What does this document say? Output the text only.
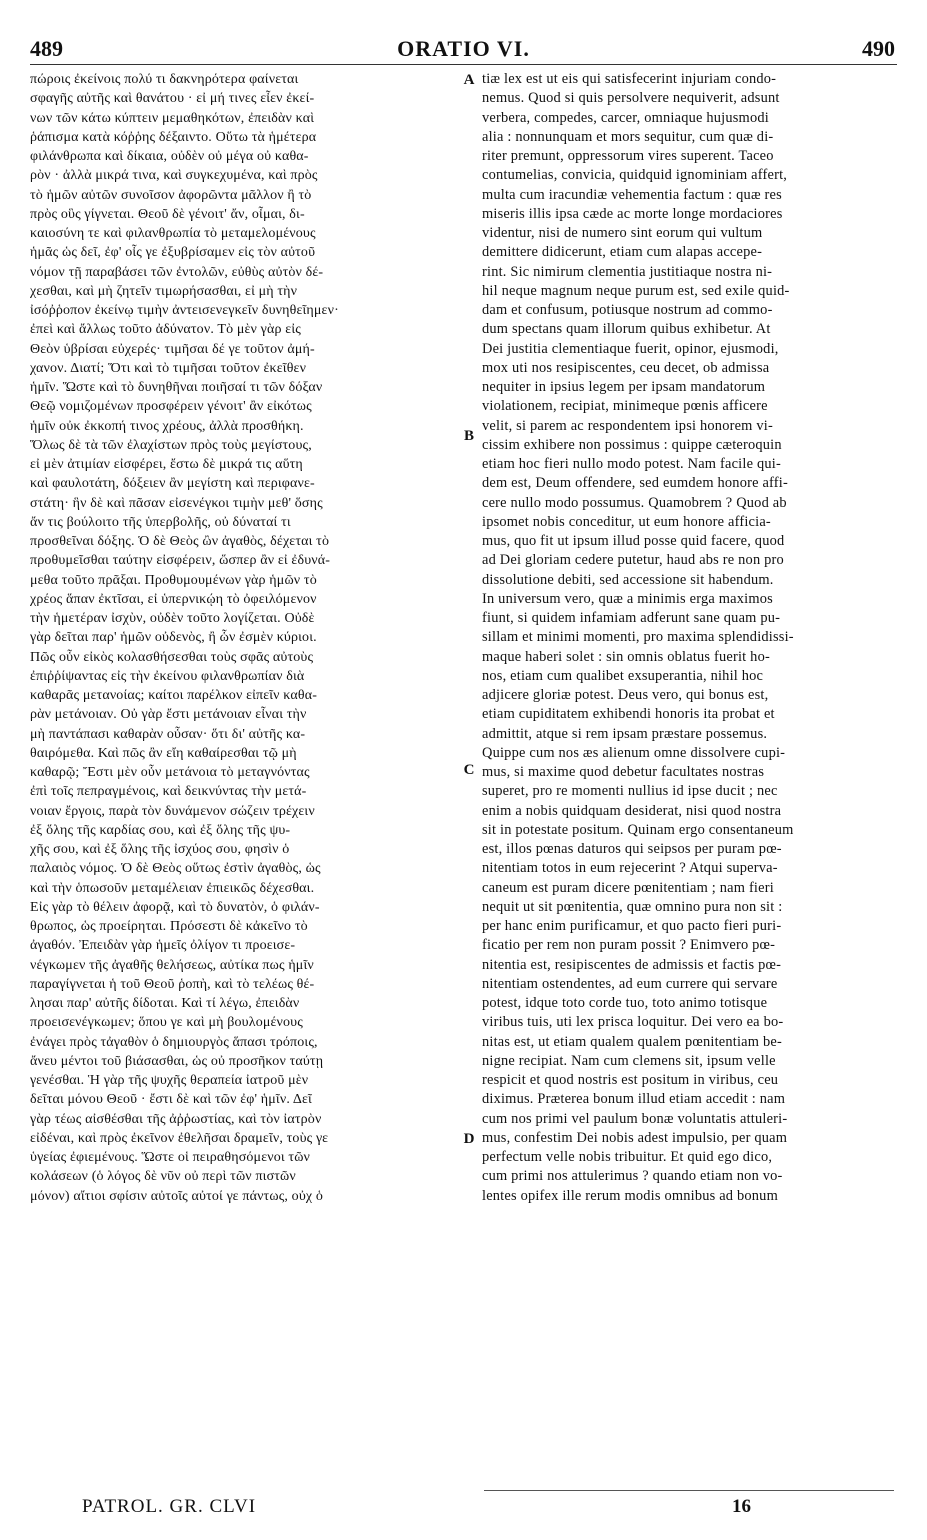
489	ORATIO VI.	490
πώροις ἐκείνοις πολύ τι δακνηρότερα φαίνεται
σφαγῆς αὐτῆς καὶ θανάτου · εἰ μή τινες εἶεν ἐκεί-
νων τῶν κάτω κύπτειν μεμαθηκότων, ἐπειδὰν καὶ
ῥάπισμα κατὰ κόῤῥης δέξαιντο. Οὕτω τὰ ἡμέτερα
φιλάνθρωπα καὶ δίκαια, οὐδὲν οὐ μέγα οὐ καθα-
ρὸν · ἀλλὰ μικρά τινα, καὶ συγκεχυμένα, καὶ πρὸς
τὸ ἡμῶν αὐτῶν συνοῖσον ἀφορῶντα μᾶλλον ἢ τὸ
πρὸς οὓς γίγνεται. Θεοῦ δὲ γένοιτ' ἄν, οἶμαι, δι-
καιοσύνη τε καὶ φιλανθρωπία τὸ μεταμελομένους
ἡμᾶς ὡς δεῖ, ἐφ' οἷς γε ἐξυβρίσαμεν εἰς τὸν αὐτοῦ
νόμον τῇ παραβάσει τῶν ἐντολῶν, εὐθὺς αὐτὸν δέ-
χεσθαι, καὶ μὴ ζητεῖν τιμωρήσασθαι, εἰ μὴ τὴν
ἰσόῤῥοπον ἐκείνῳ τιμὴν ἀντεισενεγκεῖν δυνηθεῖημεν·
ἐπεὶ καὶ ἄλλως τοῦτο ἀδύνατον. Τὸ μὲν γὰρ εἰς
Θεὸν ὑβρίσαι εὐχερές· τιμῆσαι δέ γε τοῦτον ἀμή-
χανον. Διατί; Ὅτι καὶ τὸ τιμῆσαι τοῦτον ἐκεῖθεν
ἡμῖν. Ὥστε καὶ τὸ δυνηθῆναι ποιῆσαί τι τῶν δόξαν
Θεῷ νομιζομένων προσφέρειν γένοιτ' ἂν εἰκότως
ἡμῖν οὐκ ἐκκοπή τινος χρέους, ἀλλὰ προσθήκη.
Ὅλως δὲ τὰ τῶν ἐλαχίστων πρὸς τοὺς μεγίστους,
εἰ μὲν ἀτιμίαν εἰσφέρει, ἔστω δὲ μικρά τις αὕτη
καὶ φαυλοτάτη, δόξειεν ἂν μεγίστη καὶ περιφανε-
στάτη· ἣν δὲ καὶ πᾶσαν εἰσενέγκοι τιμὴν μεθ' ὅσης
ἄν τις βούλοιτο τῆς ὑπερβολῆς, οὐ δύναταί τι
προσθεῖναι δόξης. Ὁ δὲ Θεὸς ὢν ἀγαθὸς, δέχεται τὸ
προθυμεῖσθαι ταύτην εἰσφέρειν, ὥσπερ ἂν εἰ ἐδυνά-
μεθα τοῦτο πρᾶξαι. Προθυμουμένων γὰρ ἡμῶν τὸ
χρέος ἅπαν ἐκτῖσαι, εἰ ὑπερνικῴη τὸ ὀφειλόμενον
τὴν ἡμετέραν ἰσχὺν, οὐδὲν τοῦτο λογίζεται. Οὐδὲ
γὰρ δεῖται παρ' ἡμῶν οὐδενὸς, ἢ ὧν ἐσμὲν κύριοι.
Πῶς οὖν εἰκὸς κολασθήσεσθαι τοὺς σφᾶς αὐτοὺς
ἐπιῤῥίψαντας εἰς τὴν ἐκείνου φιλανθρωπίαν διὰ
καθαρᾶς μετανοίας; καίτοι παρέλκον εἰπεῖν καθα-
ρὰν μετάνοιαν. Οὐ γὰρ ἔστι μετάνοιαν εἶναι τὴν
μὴ παντάπασι καθαρὰν οὖσαν· ὅτι δι' αὐτῆς κα-
θαιρόμεθα. Καὶ πῶς ἂν εἴη καθαίρεσθαι τῷ μὴ
καθαρῷ; Ἔστι μὲν οὖν μετάνοια τὸ μεταγνόντας
ἐπὶ τοῖς πεπραγμένοις, καὶ δεικνύντας τὴν μετά-
νοιαν ἔργοις, παρὰ τὸν δυνάμενον σώζειν τρέχειν
ἐξ ὅλης τῆς καρδίας σου, καὶ ἐξ ὅλης τῆς ψυ-
χῆς σου, καὶ ἐξ ὅλης τῆς ἰσχύος σου, φησὶν ὁ
παλαιὸς νόμος. Ὁ δὲ Θεὸς οὕτως ἐστὶν ἀγαθὸς, ὡς
καὶ τὴν ὁπωσοῦν μεταμέλειαν ἐπιεικῶς δέχεσθαι.
Εἰς γὰρ τὸ θέλειν ἀφορᾷ, καὶ τὸ δυνατὸν, ὁ φιλάν-
θρωπος, ὡς προείρηται. Πρόσεστι δὲ κἀκεῖνο τὸ
ἀγαθόν. Ἐπειδὰν γὰρ ἡμεῖς ὀλίγον τι προεισε-
νέγκωμεν τῆς ἀγαθῆς θελήσεως, αὐτίκα πως ἡμῖν
παραγίγνεται ἡ τοῦ Θεοῦ ῥοπὴ, καὶ τὸ τελέως θέ-
λησαι παρ' αὐτῆς δίδοται. Καὶ τί λέγω, ἐπειδὰν
προεισενέγκωμεν; ὅπου γε καὶ μὴ βουλομένους
ἐνάγει πρὸς τἀγαθὸν ὁ δημιουργὸς ἅπασι τρόποις,
ἄνευ μέντοι τοῦ βιάσασθαι, ὡς οὐ προσῆκον ταύτῃ
γενέσθαι. Ἡ γὰρ τῆς ψυχῆς θεραπεία ἰατροῦ μὲν
δεῖται μόνου Θεοῦ · ἔστι δὲ καὶ τῶν ἐφ' ἡμῖν. Δεῖ
γὰρ τέως αἰσθέσθαι τῆς ἀῤῥωστίας, καὶ τὸν ἰατρὸν
εἰδέναι, καὶ πρὸς ἐκεῖνον ἐθελῆσαι δραμεῖν, τοὺς γε
ὑγείας ἐφιεμένους. Ὥστε οἱ πειραθησόμενοι τῶν
κολάσεων (ὁ λόγος δὲ νῦν οὐ περὶ τῶν πιστῶν
μόνον) αἴτιοι σφίσιν αὐτοῖς αὐτοί γε πάντως, οὐχ ὁ
A
B
C
D
tiæ lex est ut eis qui satisfecerint injuriam condo-
nemus. Quod si quis persolvere nequiverit, adsunt
verbera, compedes, carcer, omniaque hujusmodi
alia : nonnunquam et mors sequitur, cum quæ di-
riter premunt, oppressorum vires superent. Taceo
contumelias, convicia, quidquid ignominiam affert,
multa cum iracundiæ vehementia factum : quæ res
miseris illis ipsa cæde ac morte longe mordaciores
videntur, nisi de numero sint eorum qui vultum
demittere didicerunt, etiam cum alapas accepe-
rint. Sic nimirum clementia justitiaque nostra ni-
hil neque magnum neque purum est, sed exile quid-
dam et confusum, potiusque nostrum ad commo-
dum spectans quam illorum quibus exhibetur. At
Dei justitia clementiaque fuerit, opinor, ejusmodi,
mox uti nos resipiscentes, ceu decet, ob admissa
nequiter in ipsius legem per ipsam mandatorum
violationem, recipiat, minimeque pœnis afficere
velit, si parem ac respondentem ipsi honorem vi-
cissim exhibere non possimus : quippe cæteroquin
etiam hoc fieri nullo modo potest. Nam facile qui-
dem est, Deum offendere, sed eumdem honore affi-
cere nullo modo possumus. Quamobrem ? Quod ab
ipsomet nobis conceditur, ut eum honore afficia-
mus, quo fit ut ipsum illud posse quid facere, quod
ad Dei gloriam cedere putetur, haud abs re non pro
dissolutione debiti, sed accessione sit habendum.
In universum vero, quæ a minimis erga maximos
fiunt, si quidem infamiam adferunt sane quam pu-
sillam et minimi momenti, pro maxima splendidissi-
maque haberi solet : sin omnis oblatus fuerit ho-
nos, etiam cum qualibet exsuperantia, nihil hoc
adjicere gloriæ potest. Deus vero, qui bonus est,
etiam cupiditatem exhibendi honoris ita probat et
admittit, atque si rem ipsam præstare possemus.
Quippe cum nos æs alienum omne dissolvere cupi-
mus, si maxime quod debetur facultates nostras
superet, pro re momenti nullius id ipse ducit ; nec
enim a nobis quidquam desiderat, nisi quod nostra
sit in potestate positum. Quinam ergo consentaneum
est, illos pœnas daturos qui seipsos per puram pœ-
nitentiam totos in eum rejecerint ? Atqui superva-
caneum est puram dicere pœnitentiam ; nam fieri
nequit ut sit pœnitentia, quæ omnino pura non sit :
per hanc enim purificamur, et quo pacto fieri puri-
ficatio per rem non puram possit ? Enimvero pœ-
nitentia est, resipiscentes de admissis et factis pœ-
nitentiam ostendentes, ad eum currere qui servare
potest, idque toto corde tuo, toto animo totisque
viribus tuis, uti lex prisca loquitur. Dei vero ea bo-
nitas est, ut etiam qualem qualem pœnitentiam be-
nigne recipiat. Nam cum clemens sit, ipsum velle
respicit et quod nostris est positum in viribus, ceu
diximus. Præterea bonum illud etiam accedit : nam
cum nos primi vel paulum bonæ voluntatis attuleri-
mus, confestim Dei nobis adest impulsio, per quam
perfectum velle nobis tribuitur. Et quid ego dico,
cum primi nos attulerimus ? quando etiam non vo-
lentes opifex ille rerum modis omnibus ad bonum
PATROL. GR. CLVI	16
